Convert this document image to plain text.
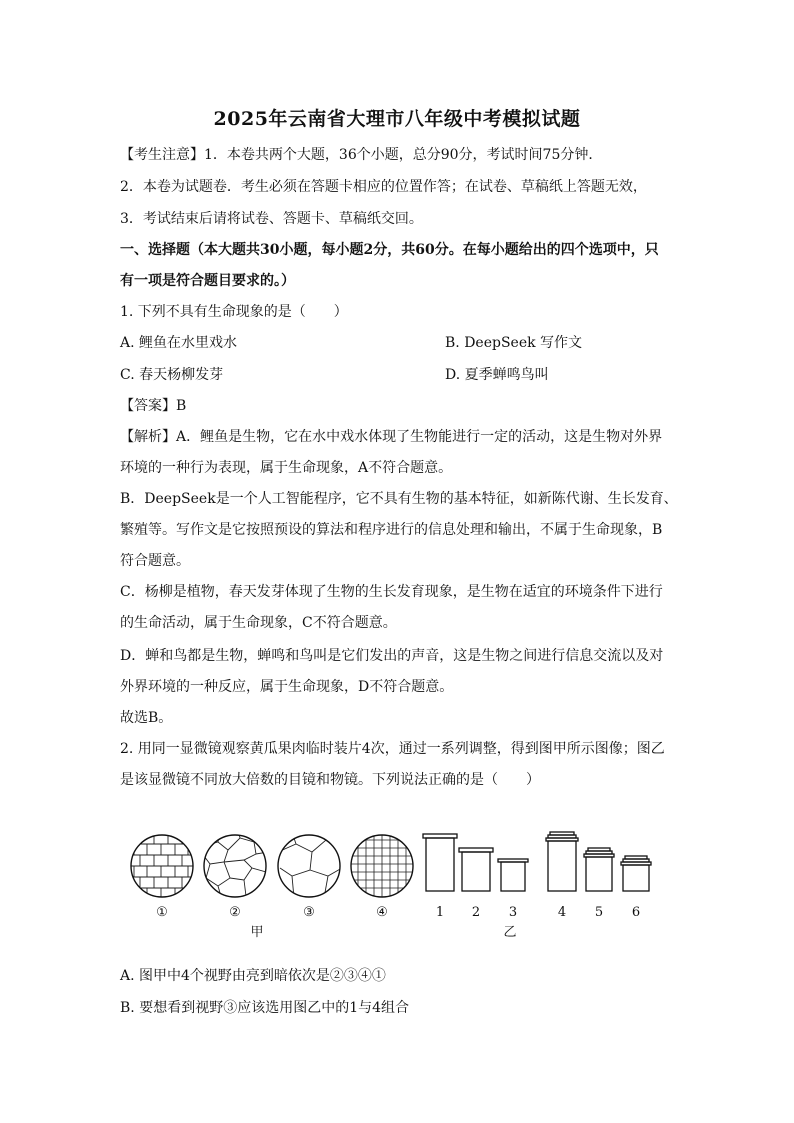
2025年云南省大理市八年级中考模拟试题
【考生注意】1．本卷共两个大题，36个小题，总分90分，考试时间75分钟．
2．本卷为试题卷．考生必须在答题卡相应的位置作答；在试卷、草稿纸上答题无效，
3．考试结束后请将试卷、答题卡、草稿纸交回。
一、选择题（本大题共30小题，每小题2分，共60分。在每小题给出的四个选项中，只
有一项是符合题目要求的。）
1. 下列不具有生命现象的是（　　）
A. 鲤鱼在水里戏水	B. DeepSeek 写作文
C. 春天杨柳发芽	D. 夏季蝉鸣鸟叫
【答案】B
【解析】A．鲤鱼是生物，它在水中戏水体现了生物能进行一定的活动，这是生物对外界
环境的一种行为表现，属于生命现象，A不符合题意。
B．DeepSeek是一个人工智能程序，它不具有生物的基本特征，如新陈代谢、生长发育、
繁殖等。写作文是它按照预设的算法和程序进行的信息处理和输出，不属于生命现象，B
符合题意。
C．杨柳是植物，春天发芽体现了生物的生长发育现象，是生物在适宜的环境条件下进行
的生命活动，属于生命现象，C不符合题意。
D．蝉和鸟都是生物，蝉鸣和鸟叫是它们发出的声音，这是生物之间进行信息交流以及对
外界环境的一种反应，属于生命现象，D不符合题意。
故选B。
2. 用同一显微镜观察黄瓜果肉临时装片4次，通过一系列调整，得到图甲所示图像；图乙
是该显微镜不同放大倍数的目镜和物镜。下列说法正确的是（　　）
①	②	③	④
甲
1 2 3	4 5 6
乙
A. 图甲中4个视野由亮到暗依次是②③④①
B. 要想看到视野③应该选用图乙中的1与4组合
